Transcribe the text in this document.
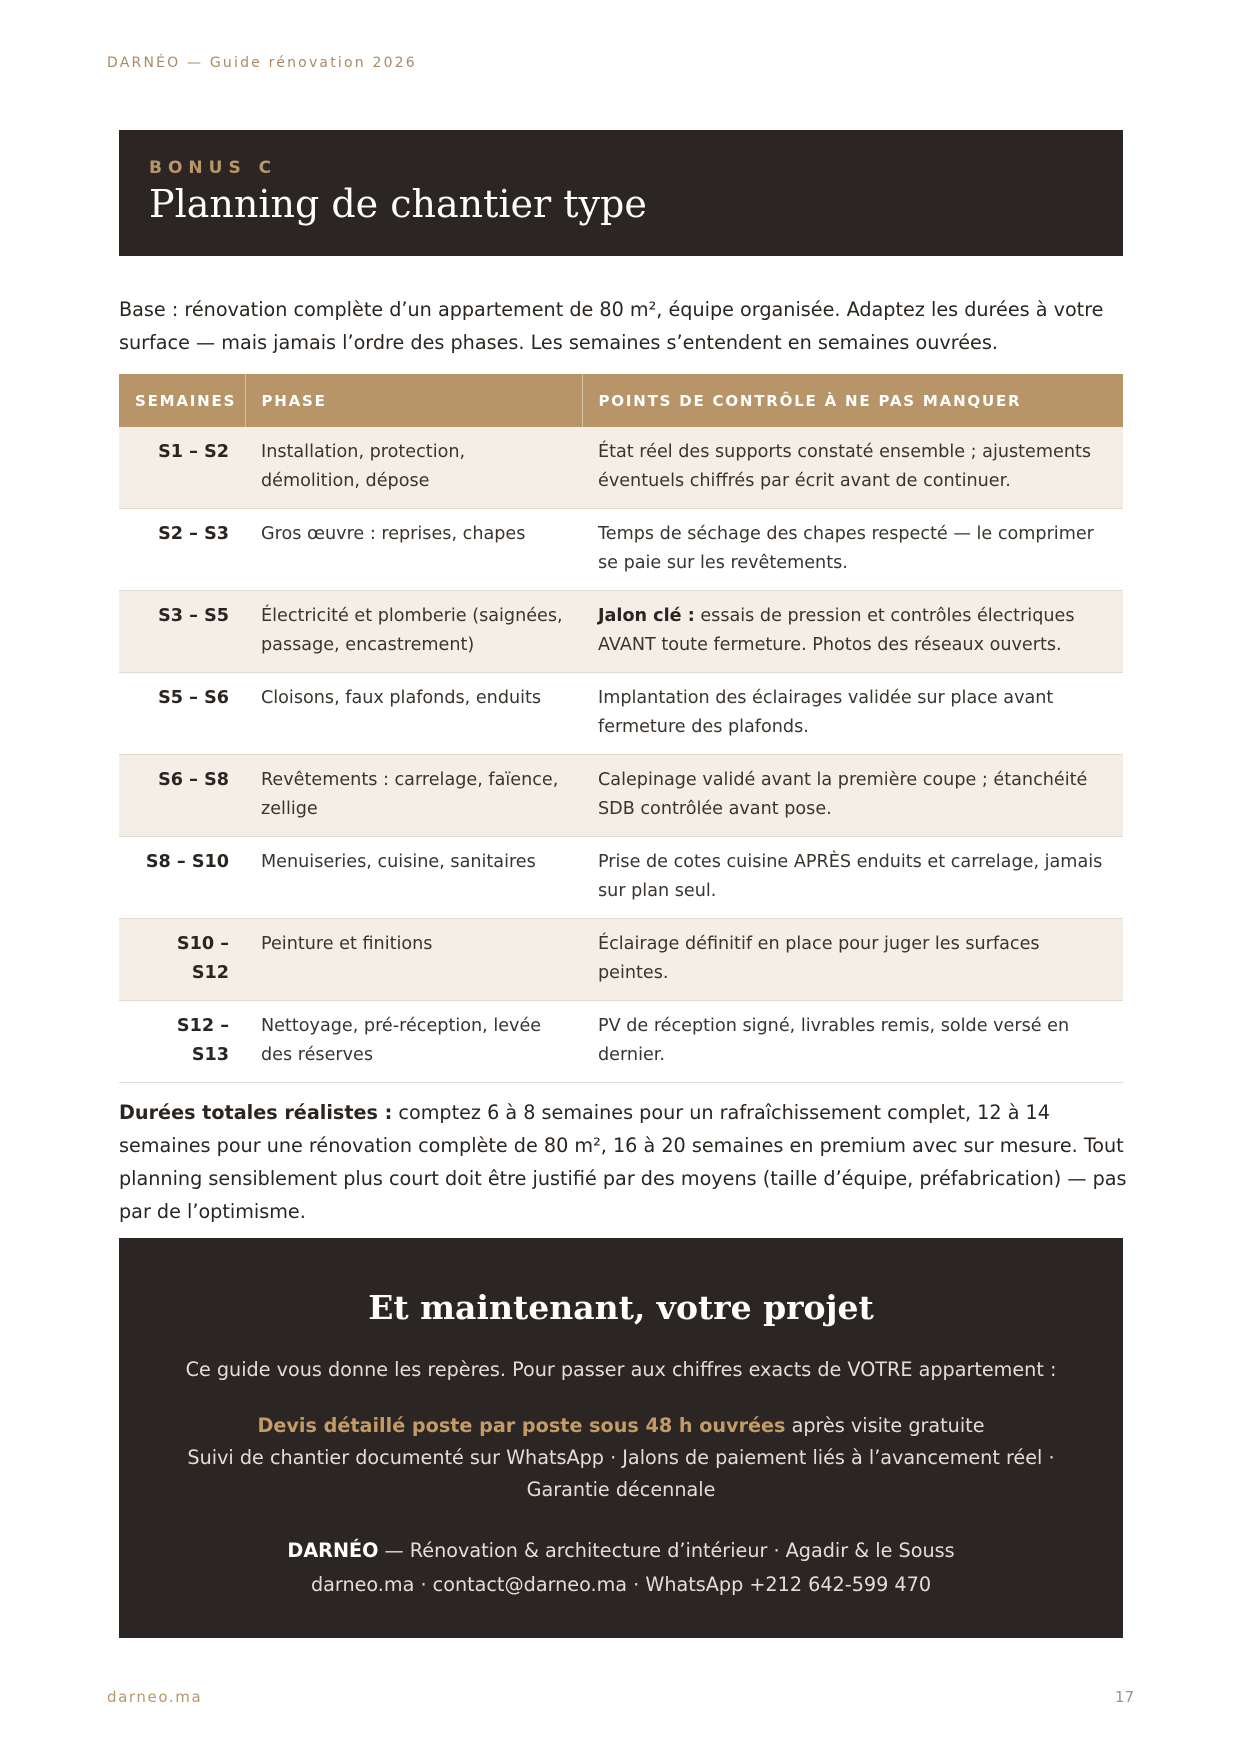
DARNÉO — Guide rénovation 2026
BONUS C
Planning de chantier type

Base : rénovation complète d’un appartement de 80 m², équipe organisée. Adaptez les durées à votre surface — mais jamais l’ordre des phases. Les semaines s’entendent en semaines ouvrées.

SEMAINES	PHASE	POINTS DE CONTRÔLE À NE PAS MANQUER
S1 – S2	Installation, protection, démolition, dépose	État réel des supports constaté ensemble ; ajustements éventuels chiffrés par écrit avant de continuer.
S2 – S3	Gros œuvre : reprises, chapes	Temps de séchage des chapes respecté — le comprimer se paie sur les revêtements.
S3 – S5	Électricité et plomberie (saignées, passage, encastrement)	Jalon clé : essais de pression et contrôles électriques AVANT toute fermeture. Photos des réseaux ouverts.
S5 – S6	Cloisons, faux plafonds, enduits	Implantation des éclairages validée sur place avant fermeture des plafonds.
S6 – S8	Revêtements : carrelage, faïence, zellige	Calepinage validé avant la première coupe ; étanchéité SDB contrôlée avant pose.
S8 – S10	Menuiseries, cuisine, sanitaires	Prise de cotes cuisine APRÈS enduits et carrelage, jamais sur plan seul.
S10 – S12	Peinture et finitions	Éclairage définitif en place pour juger les surfaces peintes.
S12 – S13	Nettoyage, pré-réception, levée des réserves	PV de réception signé, livrables remis, solde versé en dernier.

Durées totales réalistes : comptez 6 à 8 semaines pour un rafraîchissement complet, 12 à 14 semaines pour une rénovation complète de 80 m², 16 à 20 semaines en premium avec sur mesure. Tout planning sensiblement plus court doit être justifié par des moyens (taille d’équipe, préfabrication) — pas par de l’optimisme.

Et maintenant, votre projet
Ce guide vous donne les repères. Pour passer aux chiffres exacts de VOTRE appartement :
Devis détaillé poste par poste sous 48 h ouvrées après visite gratuite
Suivi de chantier documenté sur WhatsApp · Jalons de paiement liés à l’avancement réel · Garantie décennale
DARNÉO — Rénovation & architecture d’intérieur · Agadir & le Souss
darneo.ma · contact@darneo.ma · WhatsApp +212 642-599 470
darneo.ma	17
